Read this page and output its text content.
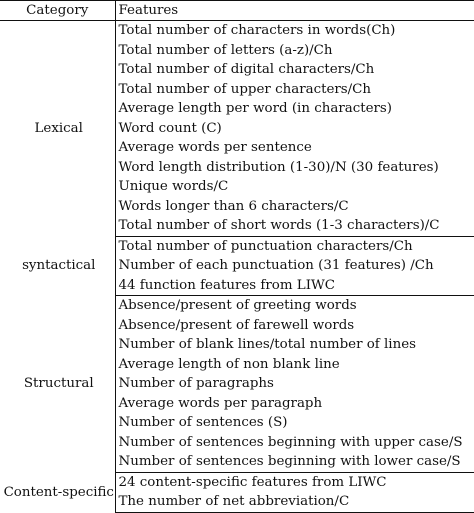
Category	Features
Lexical	Total number of characters in words(Ch)
	Total number of letters (a-z)/Ch
	Total number of digital characters/Ch
	Total number of upper characters/Ch
	Average length per word (in characters)
	Word count (C)
	Average words per sentence
	Word length distribution (1-30)/N (30 features)
	Unique words/C
	Words longer than 6 characters/C
	Total number of short words (1-3 characters)/C
syntactical	Total number of punctuation characters/Ch
	Number of each punctuation (31 features) /Ch
	44 function features from LIWC
Structural	Absence/present of greeting words
	Absence/present of farewell words
	Number of blank lines/total number of lines
	Average length of non blank line
	Number of paragraphs
	Average words per paragraph
	Number of sentences (S)
	Number of sentences beginning with upper case/S
	Number of sentences beginning with lower case/S
Content-specific	24 content-specific features from LIWC
	The number of net abbreviation/C
